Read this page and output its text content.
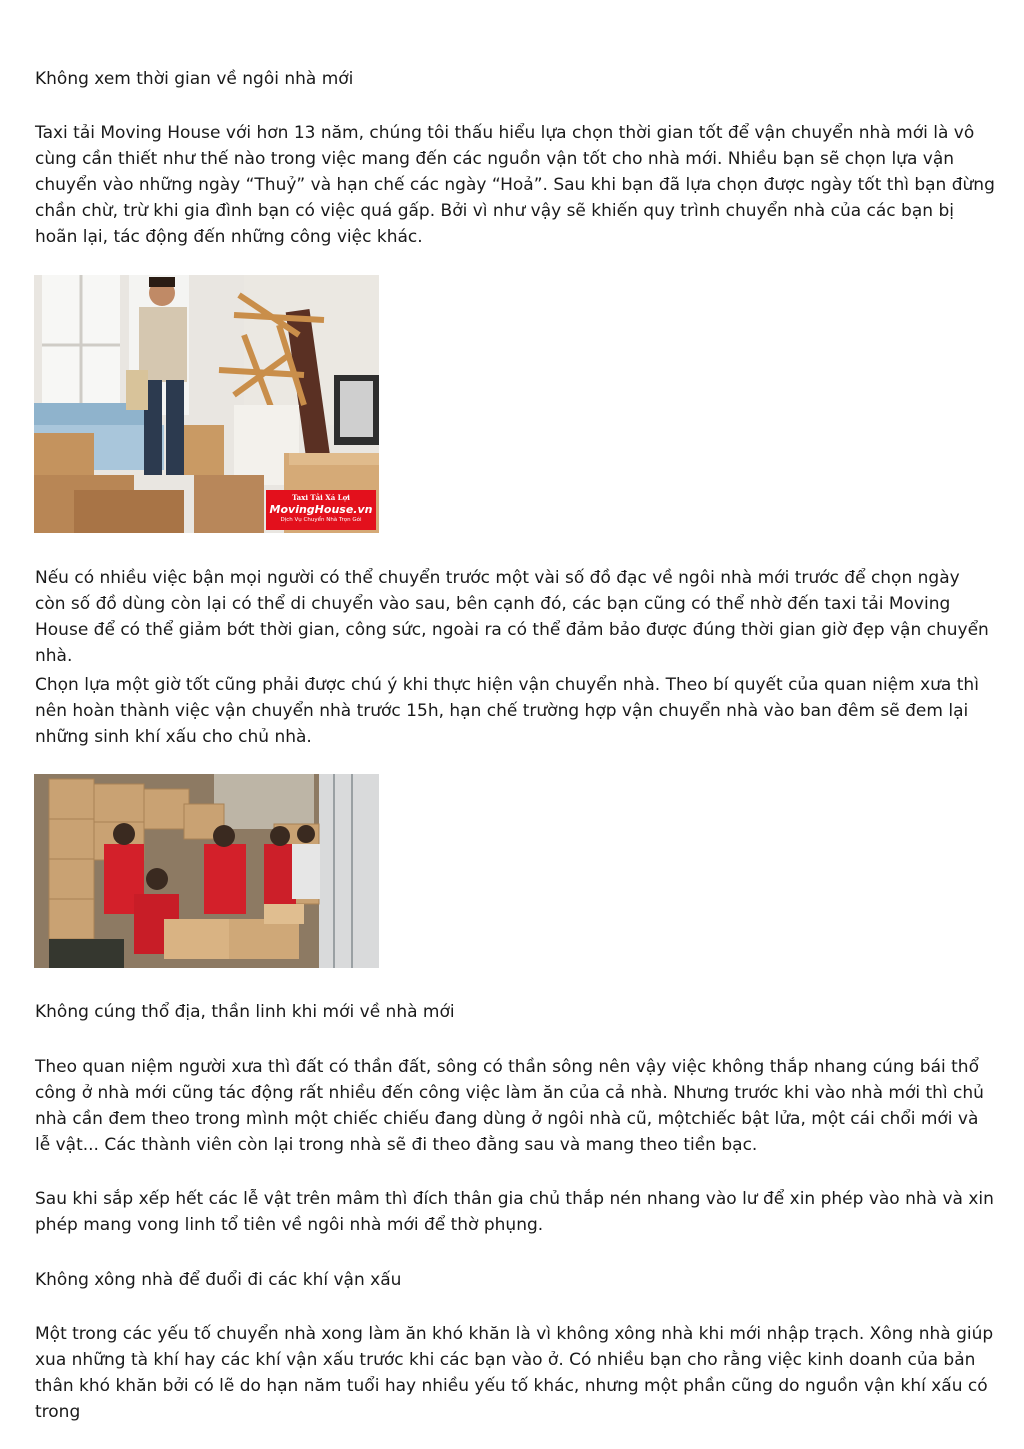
Không xem thời gian về ngôi nhà mới

Taxi tải Moving House với hơn 13 năm, chúng tôi thấu hiểu lựa chọn thời gian tốt để vận chuyển nhà mới là vô cùng cần thiết như thế nào trong việc mang đến các nguồn vận tốt cho nhà mới. Nhiều bạn sẽ chọn lựa vận chuyển vào những ngày “Thuỷ” và hạn chế các ngày “Hoả”. Sau khi bạn đã lựa chọn được ngày tốt thì bạn đừng chần chừ, trừ khi gia đình bạn có việc quá gấp. Bởi vì như vậy sẽ khiến quy trình chuyển nhà của các bạn bị hoãn lại, tác động đến những công việc khác.

Taxi Tải Xá Lợi
MovingHouse.vn
Dịch Vụ Chuyển Nhà Trọn Gói

Nếu có nhiều việc bận mọi người có thể chuyển trước một vài số đồ đạc về ngôi nhà mới trước để chọn ngày còn số đồ dùng còn lại có thể di chuyển vào sau, bên cạnh đó, các bạn cũng có thể nhờ đến taxi tải Moving House để có thể giảm bớt thời gian, công sức, ngoài ra có thể đảm bảo được đúng thời gian giờ đẹp vận chuyển nhà.

Chọn lựa một giờ tốt cũng phải được chú ý khi thực hiện vận chuyển nhà. Theo bí quyết của quan niệm xưa thì nên hoàn thành việc vận chuyển nhà trước 15h, hạn chế trường hợp vận chuyển nhà vào ban đêm sẽ đem lại những sinh khí xấu cho chủ nhà.

Không cúng thổ địa, thần linh khi mới về nhà mới

Theo quan niệm người xưa thì đất có thần đất, sông có thần sông nên vậy việc không thắp nhang cúng bái thổ công ở nhà mới cũng tác động rất nhiều đến công việc làm ăn của cả nhà. Nhưng trước khi vào nhà mới thì chủ nhà cần đem theo trong mình một chiếc chiếu đang dùng ở ngôi nhà cũ, mộtchiếc bật lửa, một cái chổi mới và lễ vật... Các thành viên còn lại trong nhà sẽ đi theo đằng sau và mang theo tiền bạc.

Sau khi sắp xếp hết các lễ vật trên mâm thì đích thân gia chủ thắp nén nhang vào lư để xin phép vào nhà và xin phép mang vong linh tổ tiên về ngôi nhà mới để thờ phụng.

Không xông nhà để đuổi đi các khí vận xấu

Một trong các yếu tố chuyển nhà xong làm ăn khó khăn là vì không xông nhà khi mới nhập trạch. Xông nhà giúp xua những tà khí hay các khí vận xấu trước khi các bạn vào ở. Có nhiều bạn cho rằng việc kinh doanh của bản thân khó khăn bởi có lẽ do hạn năm tuổi hay nhiều yếu tố khác, nhưng một phần cũng do nguồn vận khí xấu có trong
